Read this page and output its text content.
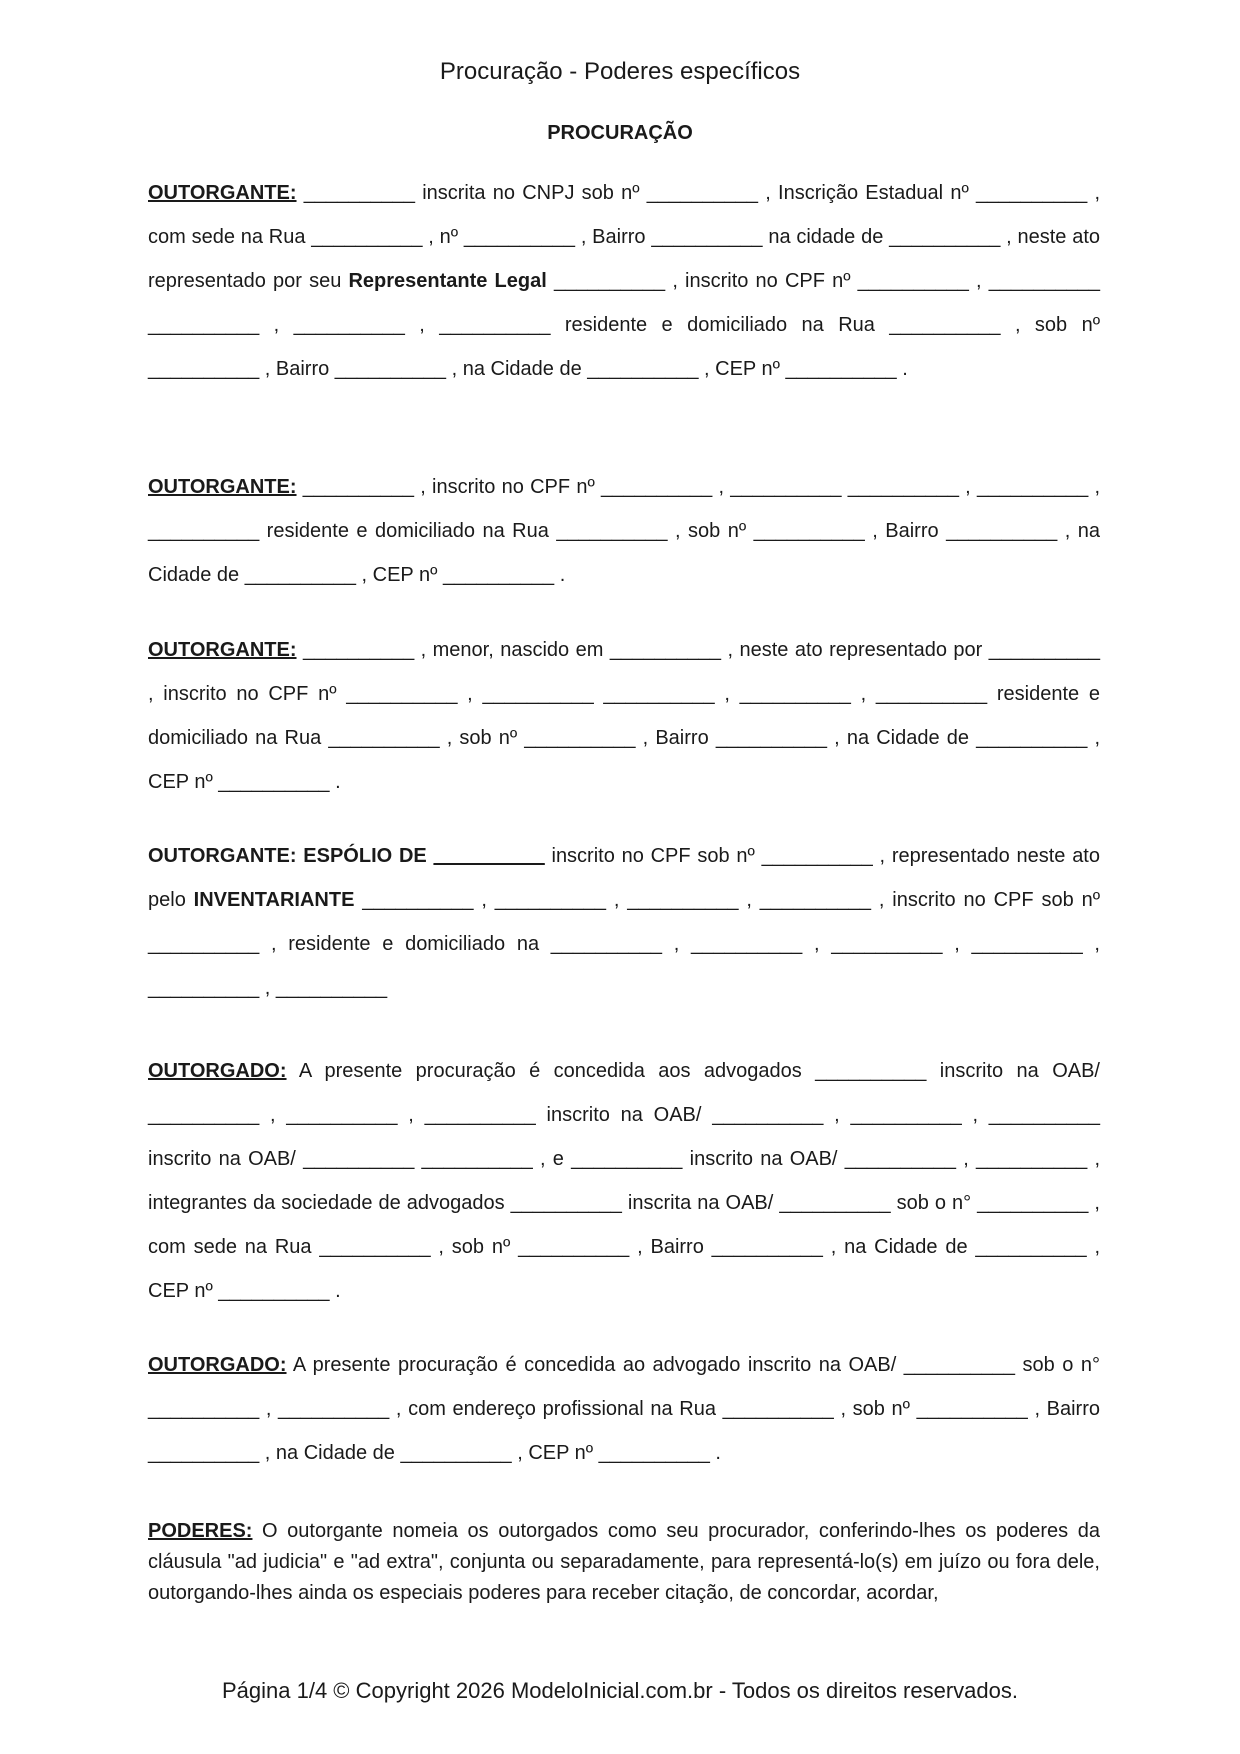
Procuração - Poderes específicos
PROCURAÇÃO
OUTORGANTE: __________ inscrita no CNPJ sob nº __________ , Inscrição Estadual nº __________ , com sede na Rua __________ , nº __________ , Bairro __________ na cidade de __________ , neste ato representado por seu Representante Legal __________ , inscrito no CPF nº __________ , __________ __________ , __________ , __________ residente e domiciliado na Rua __________ , sob nº __________ , Bairro __________ , na Cidade de __________ , CEP nº __________ .
OUTORGANTE: __________ , inscrito no CPF nº __________ , __________ __________ , __________ , __________ residente e domiciliado na Rua __________ , sob nº __________ , Bairro __________ , na Cidade de __________ , CEP nº __________ .
OUTORGANTE: __________ , menor, nascido em __________ , neste ato representado por __________ , inscrito no CPF nº __________ , __________ __________ , __________ , __________ residente e domiciliado na Rua __________ , sob nº __________ , Bairro __________ , na Cidade de __________ , CEP nº __________ .
OUTORGANTE: ESPÓLIO DE __________ inscrito no CPF sob nº __________ , representado neste ato pelo INVENTARIANTE __________ , __________ , __________ , __________ , inscrito no CPF sob nº __________ , residente e domiciliado na __________ , __________ , __________ , __________ , __________ , __________
OUTORGADO: A presente procuração é concedida aos advogados __________ inscrito na OAB/ __________ , __________ , __________ inscrito na OAB/ __________ , __________ , __________ inscrito na OAB/ __________ __________ , e __________ inscrito na OAB/ __________ , __________ , integrantes da sociedade de advogados __________ inscrita na OAB/ __________ sob o n° __________ , com sede na Rua __________ , sob nº __________ , Bairro __________ , na Cidade de __________ , CEP nº __________ .
OUTORGADO: A presente procuração é concedida ao advogado inscrito na OAB/ __________ sob o n° __________ , __________ , com endereço profissional na Rua __________ , sob nº __________ , Bairro __________ , na Cidade de __________ , CEP nº __________ .
PODERES: O outorgante nomeia os outorgados como seu procurador, conferindo-lhes os poderes da cláusula "ad judicia" e "ad extra", conjunta ou separadamente, para representá-lo(s) em juízo ou fora dele, outorgando-lhes ainda os especiais poderes para receber citação, de concordar, acordar,
Página 1/4 © Copyright 2026 ModeloInicial.com.br - Todos os direitos reservados.
